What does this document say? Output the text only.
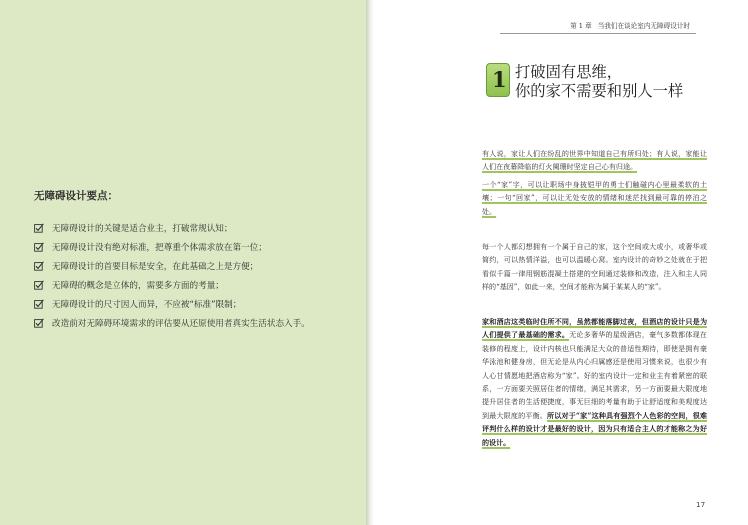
无障碍设计要点：
无障碍设计的关键是适合业主，打破常规认知；
无障碍设计没有绝对标准，把尊重个体需求放在第一位；
无障碍设计的首要目标是安全，在此基础之上是方便；
无障碍的概念是立体的，需要多方面的考量；
无障碍设计的尺寸因人而异，不应被“标准”限制；
改造前对无障碍环境需求的评估要从还原使用者真实生活状态入手。
第 1 章 当我们在谈论室内无障碍设计时
1 打破固有思维，
你的家不需要和别人一样

有人说，家让人们在纷乱的世界中知道自己有所归处；有人说，家能让人们在夜幕降临的灯火阑珊时坚定自己心有归途。

一个“家”字，可以让职场中身披铠甲的勇士们触碰内心里最柔软的土壤；一句“回家”，可以让无处安放的情绪和迷茫找到最可靠的停泊之处。

每一个人都幻想拥有一个属于自己的家，这个空间或大或小，或奢华或简约，可以热情洋溢，也可以温暖心窝。室内设计的奇妙之处就在于把看似千篇一律用钢筋混凝土搭建的空间通过装修和改造，注入和主人同样的“基因”，如此一来，空间才能称为属于某某人的“家”。

家和酒店这类临时住所不同，虽然都能落脚过夜，但酒店的设计只是为人们提供了最基础的需求。无论多奢华的星级酒店，豪气多数都体现在装修的程度上，设计内核也只能满足大众的普适性期待，即使是拥有豪华泳池和健身房，但无论是从内心归属感还是使用习惯来说，也很少有人心甘情愿地把酒店称为“家”。好的室内设计一定和业主有着紧密的联系，一方面要关照居住者的情绪，满足其需求，另一方面要最大限度地提升居住者的生活便捷度，事无巨细的考量有助于让舒适度和美观度达到最大限度的平衡。所以对于“家”这种具有强烈个人色彩的空间，很难评判什么样的设计才是最好的设计，因为只有适合主人的才能称之为好的设计。

17
